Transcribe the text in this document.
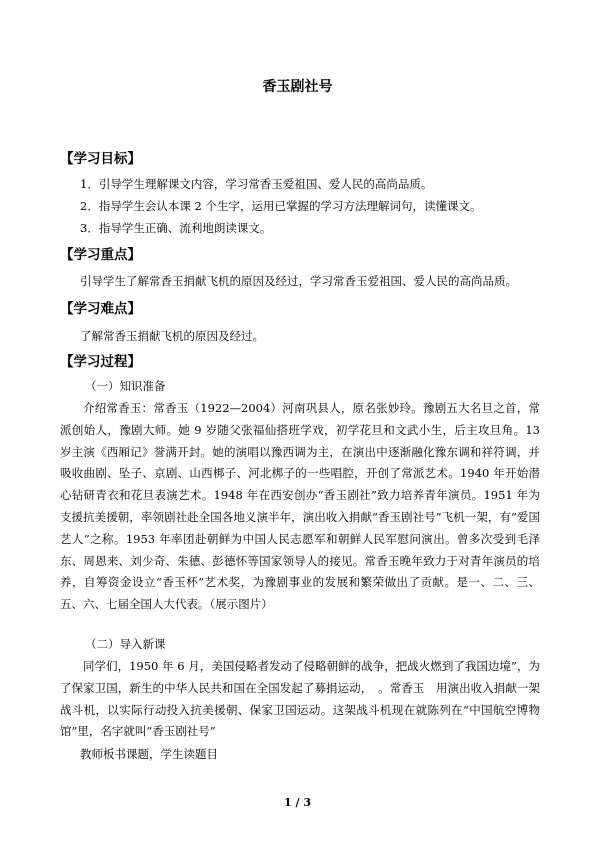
香玉剧社号
【学习目标】
1．引导学生理解课文内容，学习常香玉爱祖国、爱人民的高尚品质。
2．指导学生会认本课 2 个生字，运用已掌握的学习方法理解词句，读懂课文。
3．指导学生正确、流利地朗读课文。
【学习重点】
引导学生了解常香玉捐献飞机的原因及经过，学习常香玉爱祖国、爱人民的高尚品质。
【学习难点】
了解常香玉捐献飞机的原因及经过。
【学习过程】
（一）知识准备
介绍常香玉：常香玉（1922—2004）河南巩县人，原名张妙玲。豫剧五大名旦之首，常派创始人，豫剧大师。她 9 岁随父张福仙搭班学戏，初学花旦和文武小生，后主攻旦角。13 岁主演《西厢记》誉满开封。她的演唱以豫西调为主，在演出中逐渐融化豫东调和祥符调，并吸收曲剧、坠子、京剧、山西梆子、河北梆子的一些唱腔，开创了常派艺术。1940 年开始潜心钻研青衣和花旦表演艺术。1948 年在西安创办“香玉剧社”致力培养青年演员。1951 年为支援抗美援朝，率领剧社赴全国各地义演半年，演出收入捐献“香玉剧社号”飞机一架，有“爱国艺人”之称。1953 年率团赴朝鲜为中国人民志愿军和朝鲜人民军慰问演出。曾多次受到毛泽东、周恩来、刘少奇、朱德、彭德怀等国家领导人的接见。常香玉晚年致力于对青年演员的培养，自筹资金设立“香玉杯”艺术奖，为豫剧事业的发展和繁荣做出了贡献。是一、二、三、五、六、七届全国人大代表。（展示图片）
（二）导入新课
同学们，1950 年 6 月，美国侵略者发动了侵略朝鲜的战争，把战火燃到了我国边境”，为了保家卫国，新生的中华人民共和国在全国发起了募捐运动，　。常香玉　用演出收入捐献一架战斗机，以实际行动投入抗美援朝、保家卫国运动。这架战斗机现在就陈列在“中国航空博物馆”里，名字就叫“香玉剧社号”
教师板书课题，学生读题目
1 / 3
